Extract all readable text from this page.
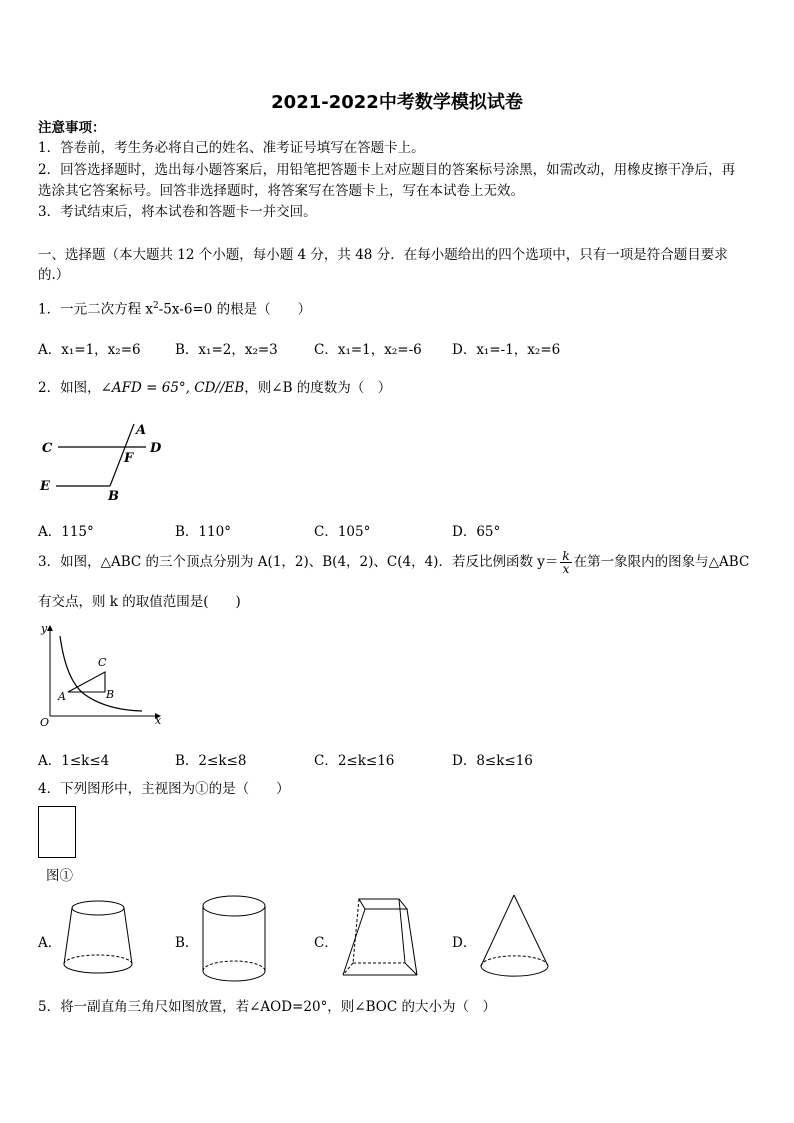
2021-2022中考数学模拟试卷
注意事项：
1．答卷前，考生务必将自己的姓名、准考证号填写在答题卡上。
2．回答选择题时，选出每小题答案后，用铅笔把答题卡上对应题目的答案标号涂黑，如需改动，用橡皮擦干净后，再
选涂其它答案标号。回答非选择题时，将答案写在答题卡上，写在本试卷上无效。
3．考试结束后，将本试卷和答题卡一并交回。
一、选择题（本大题共 12 个小题，每小题 4 分，共 48 分．在每小题给出的四个选项中，只有一项是符合题目要求
的.）
1．一元二次方程 $x^2-5x-6=0$ 的根是（　　）
A．x₁=1，x₂=6	B．x₁=2，x₂=3	C．x₁=1，x₂=-6 D．x₁=-1，x₂=6
2．如图，∠AFD = 65°, CD//EB，则∠B 的度数为（　）
C
A
D
F
E
B
A．115°	B．110°	C．105°	D．65°
3．如图，△ABC 的三个顶点分别为 A(1，2)、B(4，2)、C(4，4)．若反比例函数 $y= \frac{k}{x}$ 在第一象限内的图象与△ABC
有交点，则 k 的取值范围是(　　)
y
x
O
A	B
C
A．1≤k≤4	B．2≤k≤8	C．2≤k≤16	D．8≤k≤16
4．下列图形中，主视图为①的是（　　）
图①
A．	B．	C．	D．
5．将一副直角三角尺如图放置，若∠AOD=20°，则∠BOC 的大小为（　）
